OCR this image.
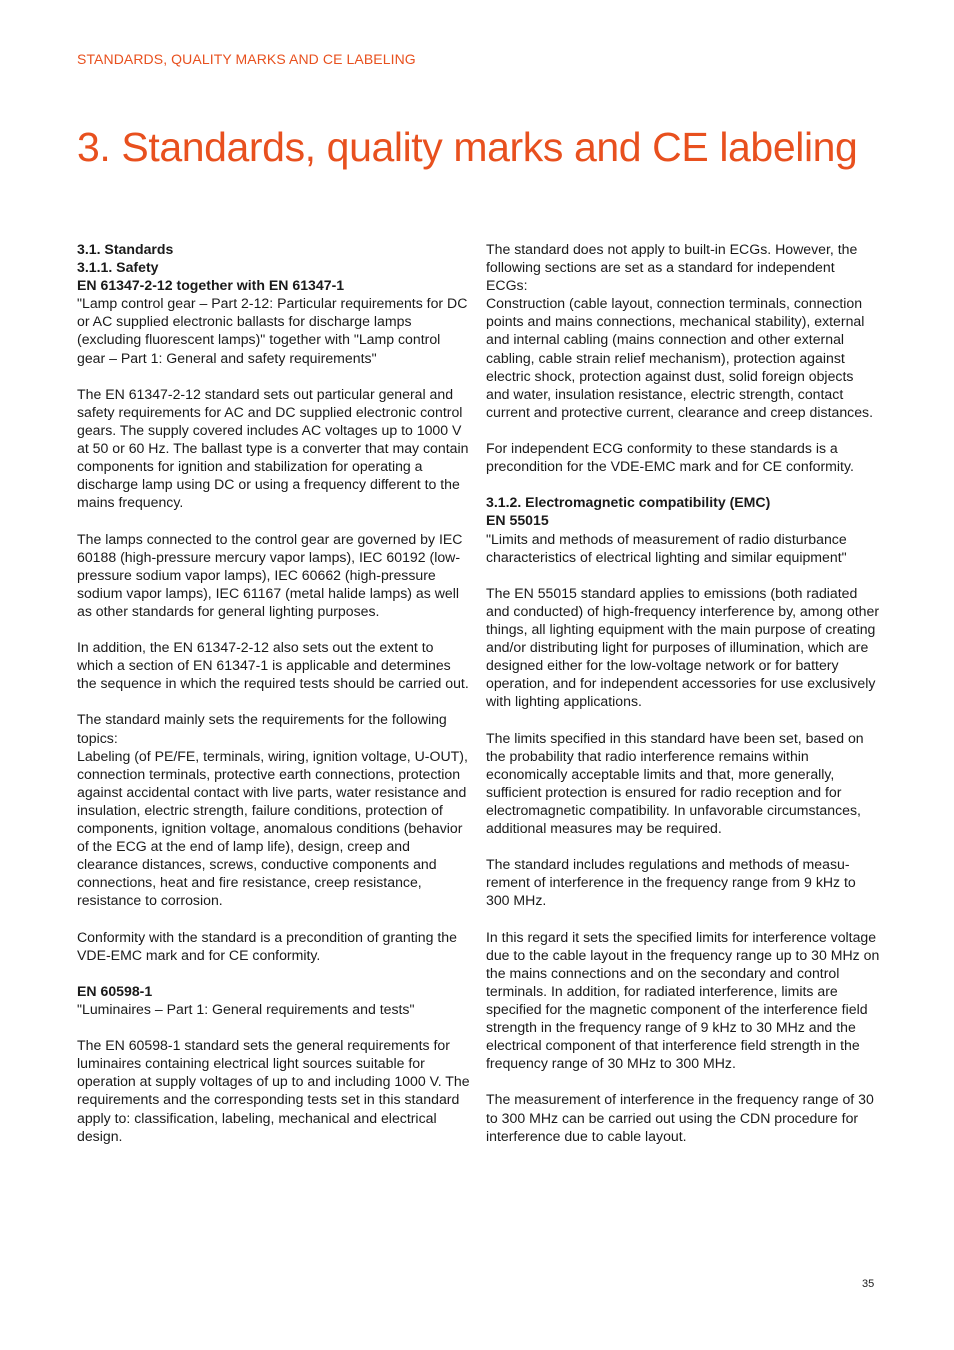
STANDARDS, QUALITY MARKS AND CE LABELING
3. Standards, quality marks and CE labeling

3.1. Standards

3.1.1. Safety

EN 61347-2-12 together with EN 61347-1

"Lamp control gear – Part 2-12: Particular requirements for DC or AC supplied electronic ballasts for discharge lamps (excluding fluorescent lamps)" together with "Lamp control gear – Part 1: General and safety requirements"

The EN 61347-2-12 standard sets out particular general and safety requirements for AC and DC supplied electronic control gears. The supply covered includes AC voltages up to 1000 V at 50 or 60 Hz. The ballast type is a converter that may contain components for ignition and stabilization for operating a discharge lamp using DC or using a frequency different to the mains frequency.

The lamps connected to the control gear are governed by IEC 60188 (high-pressure mercury vapor lamps), IEC 60192 (low-pressure sodium vapor lamps), IEC 60662 (high-pressure sodium vapor lamps), IEC 61167 (metal halide lamps) as well as other standards for general lighting purposes.

In addition, the EN 61347-2-12 also sets out the extent to which a section of EN 61347-1 is applicable and determines the sequence in which the required tests should be carried out.

The standard mainly sets the requirements for the following topics:

Labeling (of PE/FE, terminals, wiring, ignition voltage, U-OUT), connection terminals, protective earth connections, protection against accidental contact with live parts, water resistance and insulation, electric strength, failure conditions, protection of components, ignition voltage, anomalous conditions (behavior of the ECG at the end of lamp life), design, creep and clearance distances, screws, conductive components and connections, heat and fire resistance, creep resistance, resistance to corrosion.

Conformity with the standard is a precondition of granting the VDE-EMC mark and for CE conformity.

EN 60598-1

"Luminaires – Part 1: General requirements and tests"

The EN 60598-1 standard sets the general requirements for luminaires containing electrical light sources suitable for operation at supply voltages of up to and including 1000 V. The requirements and the corresponding tests set in this standard apply to: classification, labeling, mechanical and electrical design.

The standard does not apply to built-in ECGs. However, the following sections are set as a standard for independent ECGs:

Construction (cable layout, connection terminals, connection points and mains connections, mechanical stability), external and internal cabling (mains connection and other external cabling, cable strain relief mechanism), protection against electric shock, protection against dust, solid foreign objects and water, insulation resistance, electric strength, contact current and protective current, clearance and creep distances.

For independent ECG conformity to these standards is a precondition for the VDE-EMC mark and for CE conformity.

3.1.2. Electromagnetic compatibility (EMC)

EN 55015

"Limits and methods of measurement of radio disturbance characteristics of electrical lighting and similar equipment"

The EN 55015 standard applies to emissions (both radiated and conducted) of high-frequency interference by, among other things, all lighting equipment with the main purpose of creating and/or distributing light for purposes of illumination, which are designed either for the low-voltage network or for battery operation, and for independent accessories for use exclusively with lighting applications.

The limits specified in this standard have been set, based on the probability that radio interference remains within economically acceptable limits and that, more generally, sufficient protection is ensured for radio reception and for electromagnetic compatibility. In unfavorable circumstances, additional measures may be required.

The standard includes regulations and methods of measurement of interference in the frequency range from 9 kHz to 300 MHz.

In this regard it sets the specified limits for interference voltage due to the cable layout in the frequency range up to 30 MHz on the mains connections and on the secondary and control terminals. In addition, for radiated interference, limits are specified for the magnetic component of the interference field strength in the frequency range of 9 kHz to 30 MHz and the electrical component of that interference field strength in the frequency range of 30 MHz to 300 MHz.

The measurement of interference in the frequency range of 30 to 300 MHz can be carried out using the CDN procedure for interference due to cable layout.

35
